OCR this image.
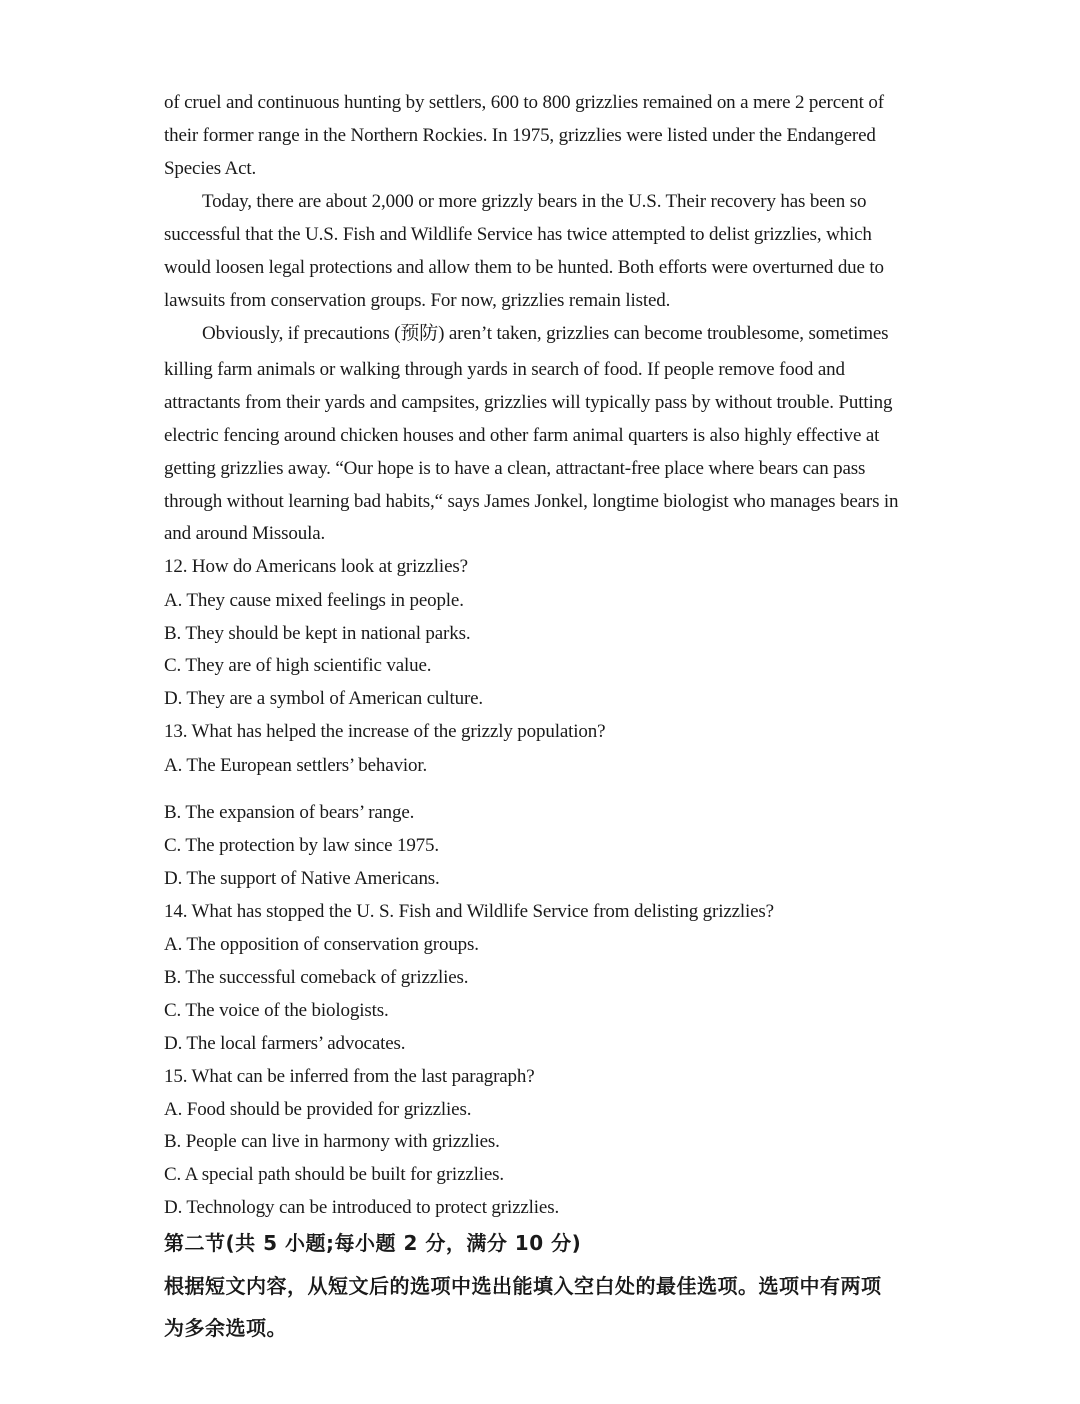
of cruel and continuous hunting by settlers, 600 to 800 grizzlies remained on a mere 2 percent of
their former range in the Northern Rockies. In 1975, grizzlies were listed under the Endangered
Species Act.
Today, there are about 2,000 or more grizzly bears in the U.S. Their recovery has been so
successful that the U.S. Fish and Wildlife Service has twice attempted to delist grizzlies, which
would loosen legal protections and allow them to be hunted. Both efforts were overturned due to
lawsuits from conservation groups. For now, grizzlies remain listed.
Obviously, if precautions (预防) aren’t taken, grizzlies can become troublesome, sometimes
killing farm animals or walking through yards in search of food. If people remove food and
attractants from their yards and campsites, grizzlies will typically pass by without trouble. Putting
electric fencing around chicken houses and other farm animal quarters is also highly effective at
getting grizzlies away. “Our hope is to have a clean, attractant-free place where bears can pass
through without learning bad habits,“ says James Jonkel, longtime biologist who manages bears in
and around Missoula.
12. How do Americans look at grizzlies?
A. They cause mixed feelings in people.
B. They should be kept in national parks.
C. They are of high scientific value.
D. They are a symbol of American culture.
13. What has helped the increase of the grizzly population?
A. The European settlers’ behavior.
B. The expansion of bears’ range.
C. The protection by law since 1975.
D. The support of Native Americans.
14. What has stopped the U. S. Fish and Wildlife Service from delisting grizzlies?
A. The opposition of conservation groups.
B. The successful comeback of grizzlies.
C. The voice of the biologists.
D. The local farmers’ advocates.
15. What can be inferred from the last paragraph?
A. Food should be provided for grizzlies.
B. People can live in harmony with grizzlies.
C. A special path should be built for grizzlies.
D. Technology can be introduced to protect grizzlies.
第二节(共 5 小题;每小题 2 分，满分 10 分)
根据短文内容，从短文后的选项中选出能填入空白处的最佳选项。选项中有两项
为多余选项。
